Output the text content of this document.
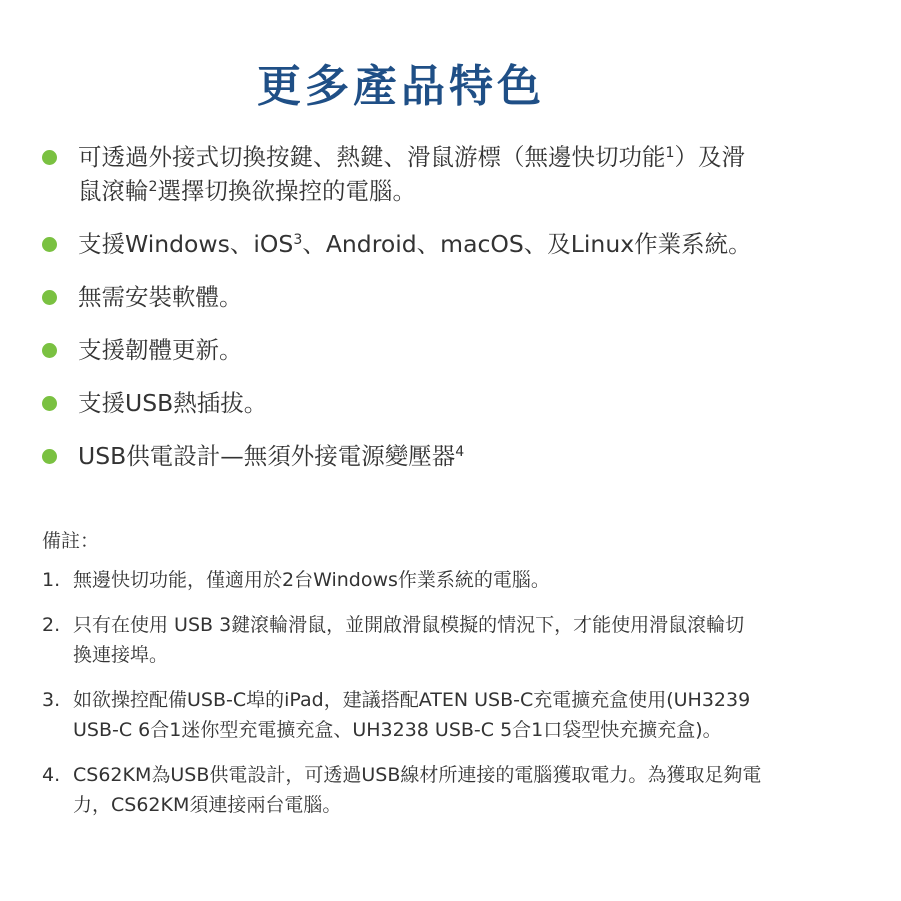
更多產品特色
可透過外接式切換按鍵、熱鍵、滑鼠游標（無邊快切功能$^1$）及滑鼠滾輪$^2$選擇切換欲操控的電腦。
支援Windows、iOS$^3$、Android、macOS、及Linux作業系統。
無需安裝軟體。
支援韌體更新。
支援USB熱插拔。
USB供電設計—無須外接電源變壓器$^4$
備註：
1. 無邊快切功能，僅適用於2台Windows作業系統的電腦。
2. 只有在使用 USB 3鍵滾輪滑鼠，並開啟滑鼠模擬的情況下，才能使用滑鼠滾輪切換連接埠。
3. 如欲操控配備USB-C埠的iPad，建議搭配ATEN USB-C充電擴充盒使用(UH3239 USB-C 6合1迷你型充電擴充盒、UH3238 USB-C 5合1口袋型快充擴充盒)。
4. CS62KM為USB供電設計，可透過USB線材所連接的電腦獲取電力。為獲取足夠電力，CS62KM須連接兩台電腦。
